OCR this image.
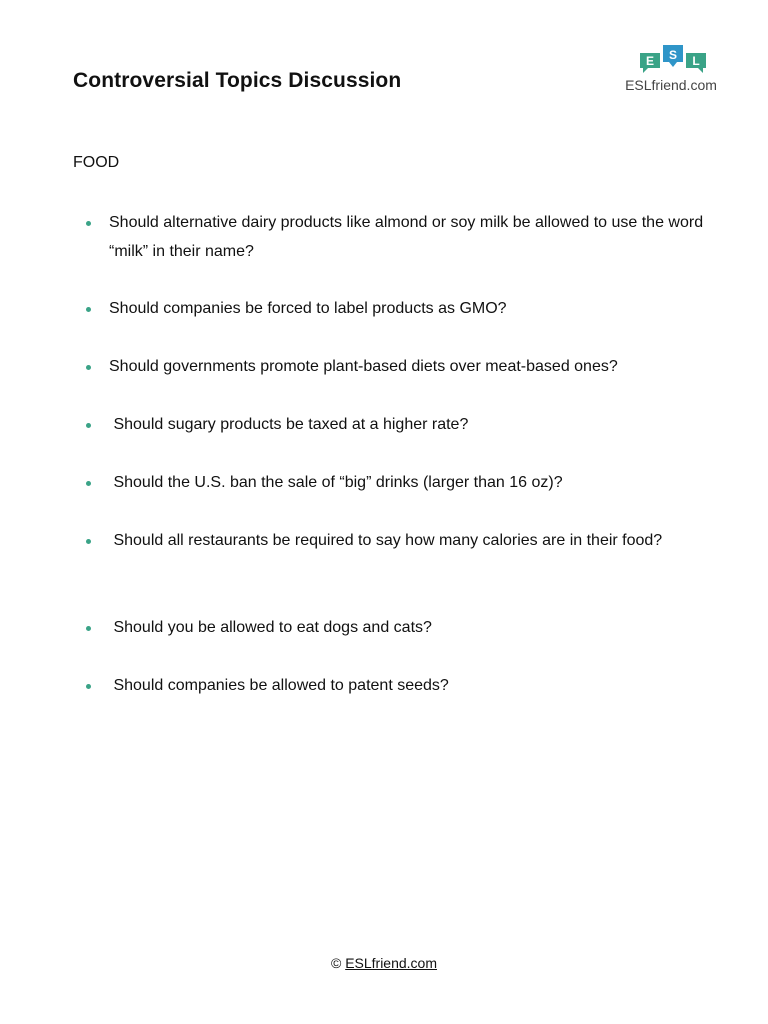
Controversial Topics Discussion
E S L
ESLfriend.com
FOOD
Should alternative dairy products like almond or soy milk be allowed to use the word “milk” in their name?
Should companies be forced to label products as GMO?
Should governments promote plant-based diets over meat-based ones?
Should sugary products be taxed at a higher rate?
Should the U.S. ban the sale of “big” drinks (larger than 16 oz)?
Should all restaurants be required to say how many calories are in their food?
Should you be allowed to eat dogs and cats?
Should companies be allowed to patent seeds?
© ESLfriend.com
